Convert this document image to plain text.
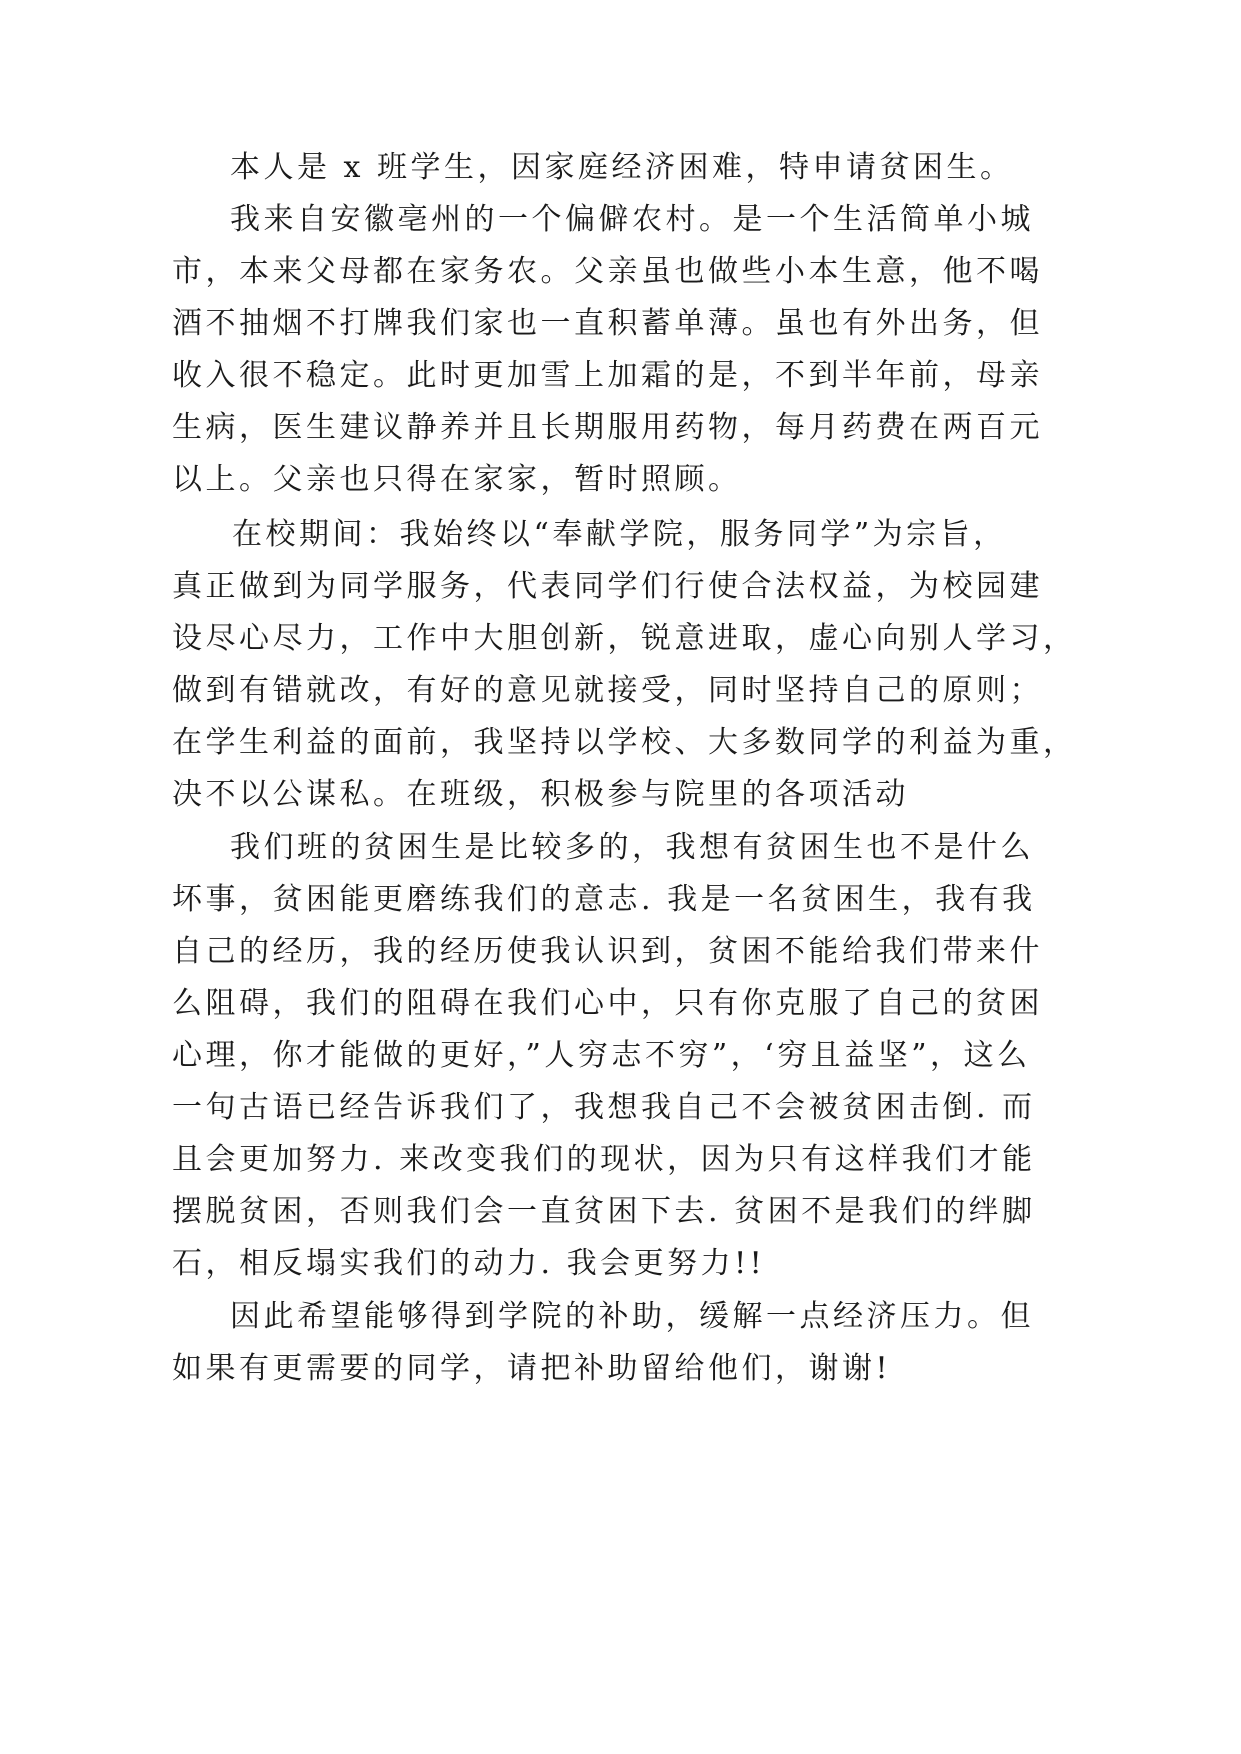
本人是 x 班学生，因家庭经济困难，特申请贫困生。
我来自安徽亳州的一个偏僻农村。是一个生活简单小城
市，本来父母都在家务农。父亲虽也做些小本生意，他不喝
酒不抽烟不打牌我们家也一直积蓄单薄。虽也有外出务，但
收入很不稳定。此时更加雪上加霜的是，不到半年前，母亲
生病，医生建议静养并且长期服用药物，每月药费在两百元
以上。父亲也只得在家家，暂时照顾。
在校期间：我始终以“奉献学院，服务同学”为宗旨，
真正做到为同学服务，代表同学们行使合法权益，为校园建
设尽心尽力，工作中大胆创新，锐意进取，虚心向别人学习，
做到有错就改，有好的意见就接受，同时坚持自己的原则；
在学生利益的面前，我坚持以学校、大多数同学的利益为重，
决不以公谋私。在班级，积极参与院里的各项活动
我们班的贫困生是比较多的，我想有贫困生也不是什么
坏事，贫困能更磨练我们的意志. 我是一名贫困生，我有我
自己的经历，我的经历使我认识到，贫困不能给我们带来什
么阻碍，我们的阻碍在我们心中，只有你克服了自己的贫困
心理，你才能做的更好，”人穷志不穷”，‘穷且益坚”，这么
一句古语已经告诉我们了，我想我自己不会被贫困击倒. 而
且会更加努力. 来改变我们的现状，因为只有这样我们才能
摆脱贫困，否则我们会一直贫困下去. 贫困不是我们的绊脚
石，相反塌实我们的动力. 我会更努力!!
因此希望能够得到学院的补助，缓解一点经济压力。但
如果有更需要的同学，请把补助留给他们，谢谢!
